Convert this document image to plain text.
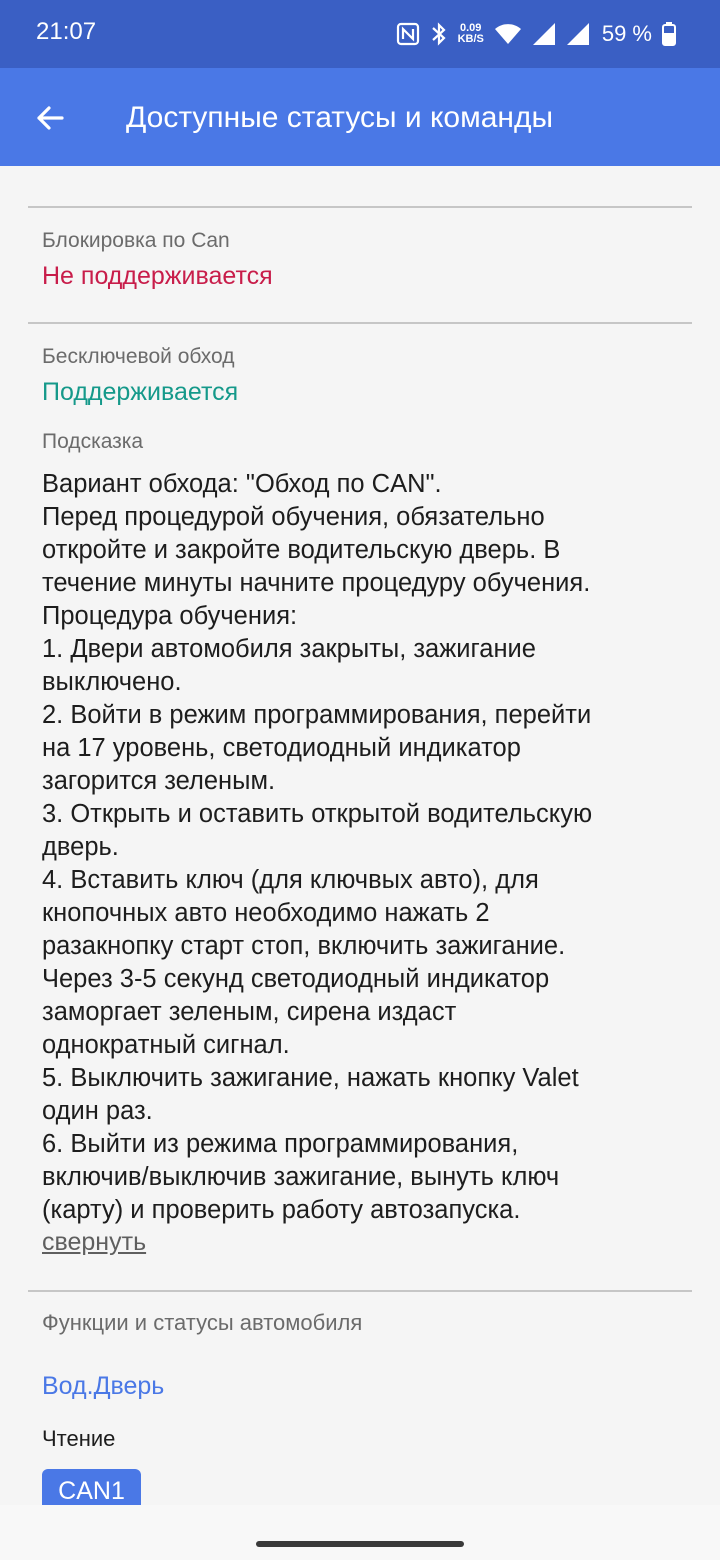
21:07	0.09
KB/S	59 %
Доступные статусы и команды
Блокировка по Can
Не поддерживается
Бесключевой обход
Поддерживается
Подсказка
Вариант обхода: "Обход по CAN".
Перед процедурой обучения, обязательно
откройте и закройте водительскую дверь. В
течение минуты начните процедуру обучения.
Процедура обучения:
1. Двери автомобиля закрыты, зажигание
выключено.
2. Войти в режим программирования, перейти
на 17 уровень, светодиодный индикатор
загорится зеленым.
3. Открыть и оставить открытой водительскую
дверь.
4. Вставить ключ (для ключвых авто), для
кнопочных авто необходимо нажать 2
разакнопку старт стоп, включить зажигание.
Через 3-5 секунд светодиодный индикатор
заморгает зеленым, сирена издаст
однократный сигнал.
5. Выключить зажигание, нажать кнопку Valet
один раз.
6. Выйти из режима программирования,
включив/выключив зажигание, вынуть ключ
(карту) и проверить работу автозапуска.
свернуть
Функции и статусы автомобиля
Вод.Дверь
Чтение
CAN1
